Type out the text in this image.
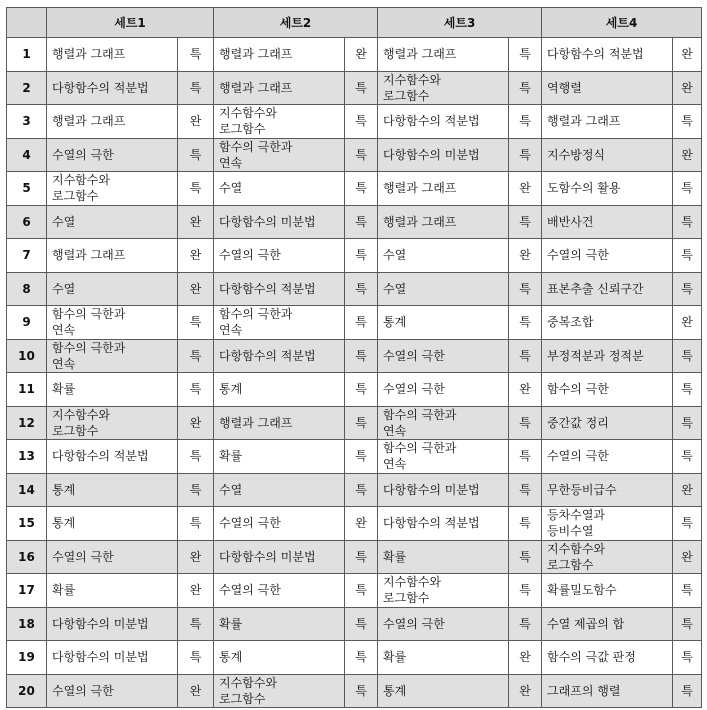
	세트1		세트2		세트3		세트4	
1	행렬과 그래프	특	행렬과 그래프	완	행렬과 그래프	특	다항함수의 적분법	완
2	다항함수의 적분법	특	행렬과 그래프	특	지수함수와
로그함수	특	역행렬	완
3	행렬과 그래프	완	지수함수와
로그함수	특	다항함수의 적분법	특	행렬과 그래프	특
4	수열의 극한	특	함수의 극한과
연속	특	다항함수의 미분법	특	지수방정식	완
5	지수함수와
로그함수	특	수열	특	행렬과 그래프	완	도함수의 활용	특
6	수열	완	다항함수의 미분법	특	행렬과 그래프	특	배반사건	특
7	행렬과 그래프	완	수열의 극한	특	수열	완	수열의 극한	특
8	수열	완	다항함수의 적분법	특	수열	특	표본추출 신뢰구간	특
9	함수의 극한과
연속	특	함수의 극한과
연속	특	통계	특	중복조합	완
10	함수의 극한과
연속	특	다항함수의 적분법	특	수열의 극한	특	부정적분과 정적분	특
11	확률	특	통계	특	수열의 극한	완	함수의 극한	특
12	지수함수와
로그함수	완	행렬과 그래프	특	함수의 극한과
연속	특	중간값 정리	특
13	다항함수의 적분법	특	확률	특	함수의 극한과
연속	특	수열의 극한	특
14	통계	특	수열	특	다항함수의 미분법	특	무한등비급수	완
15	통계	특	수열의 극한	완	다항함수의 적분법	특	등차수열과
등비수열	특
16	수열의 극한	완	다항함수의 미분법	특	확률	특	지수함수와
로그함수	완
17	확률	완	수열의 극한	특	지수함수와
로그함수	특	확률밀도함수	특
18	다항함수의 미분법	특	확률	특	수열의 극한	특	수열 제곱의 합	특
19	다항함수의 미분법	특	통계	특	확률	완	함수의 극값 판정	특
20	수열의 극한	완	지수함수와
로그함수	특	통계	완	그래프의 행렬	특
